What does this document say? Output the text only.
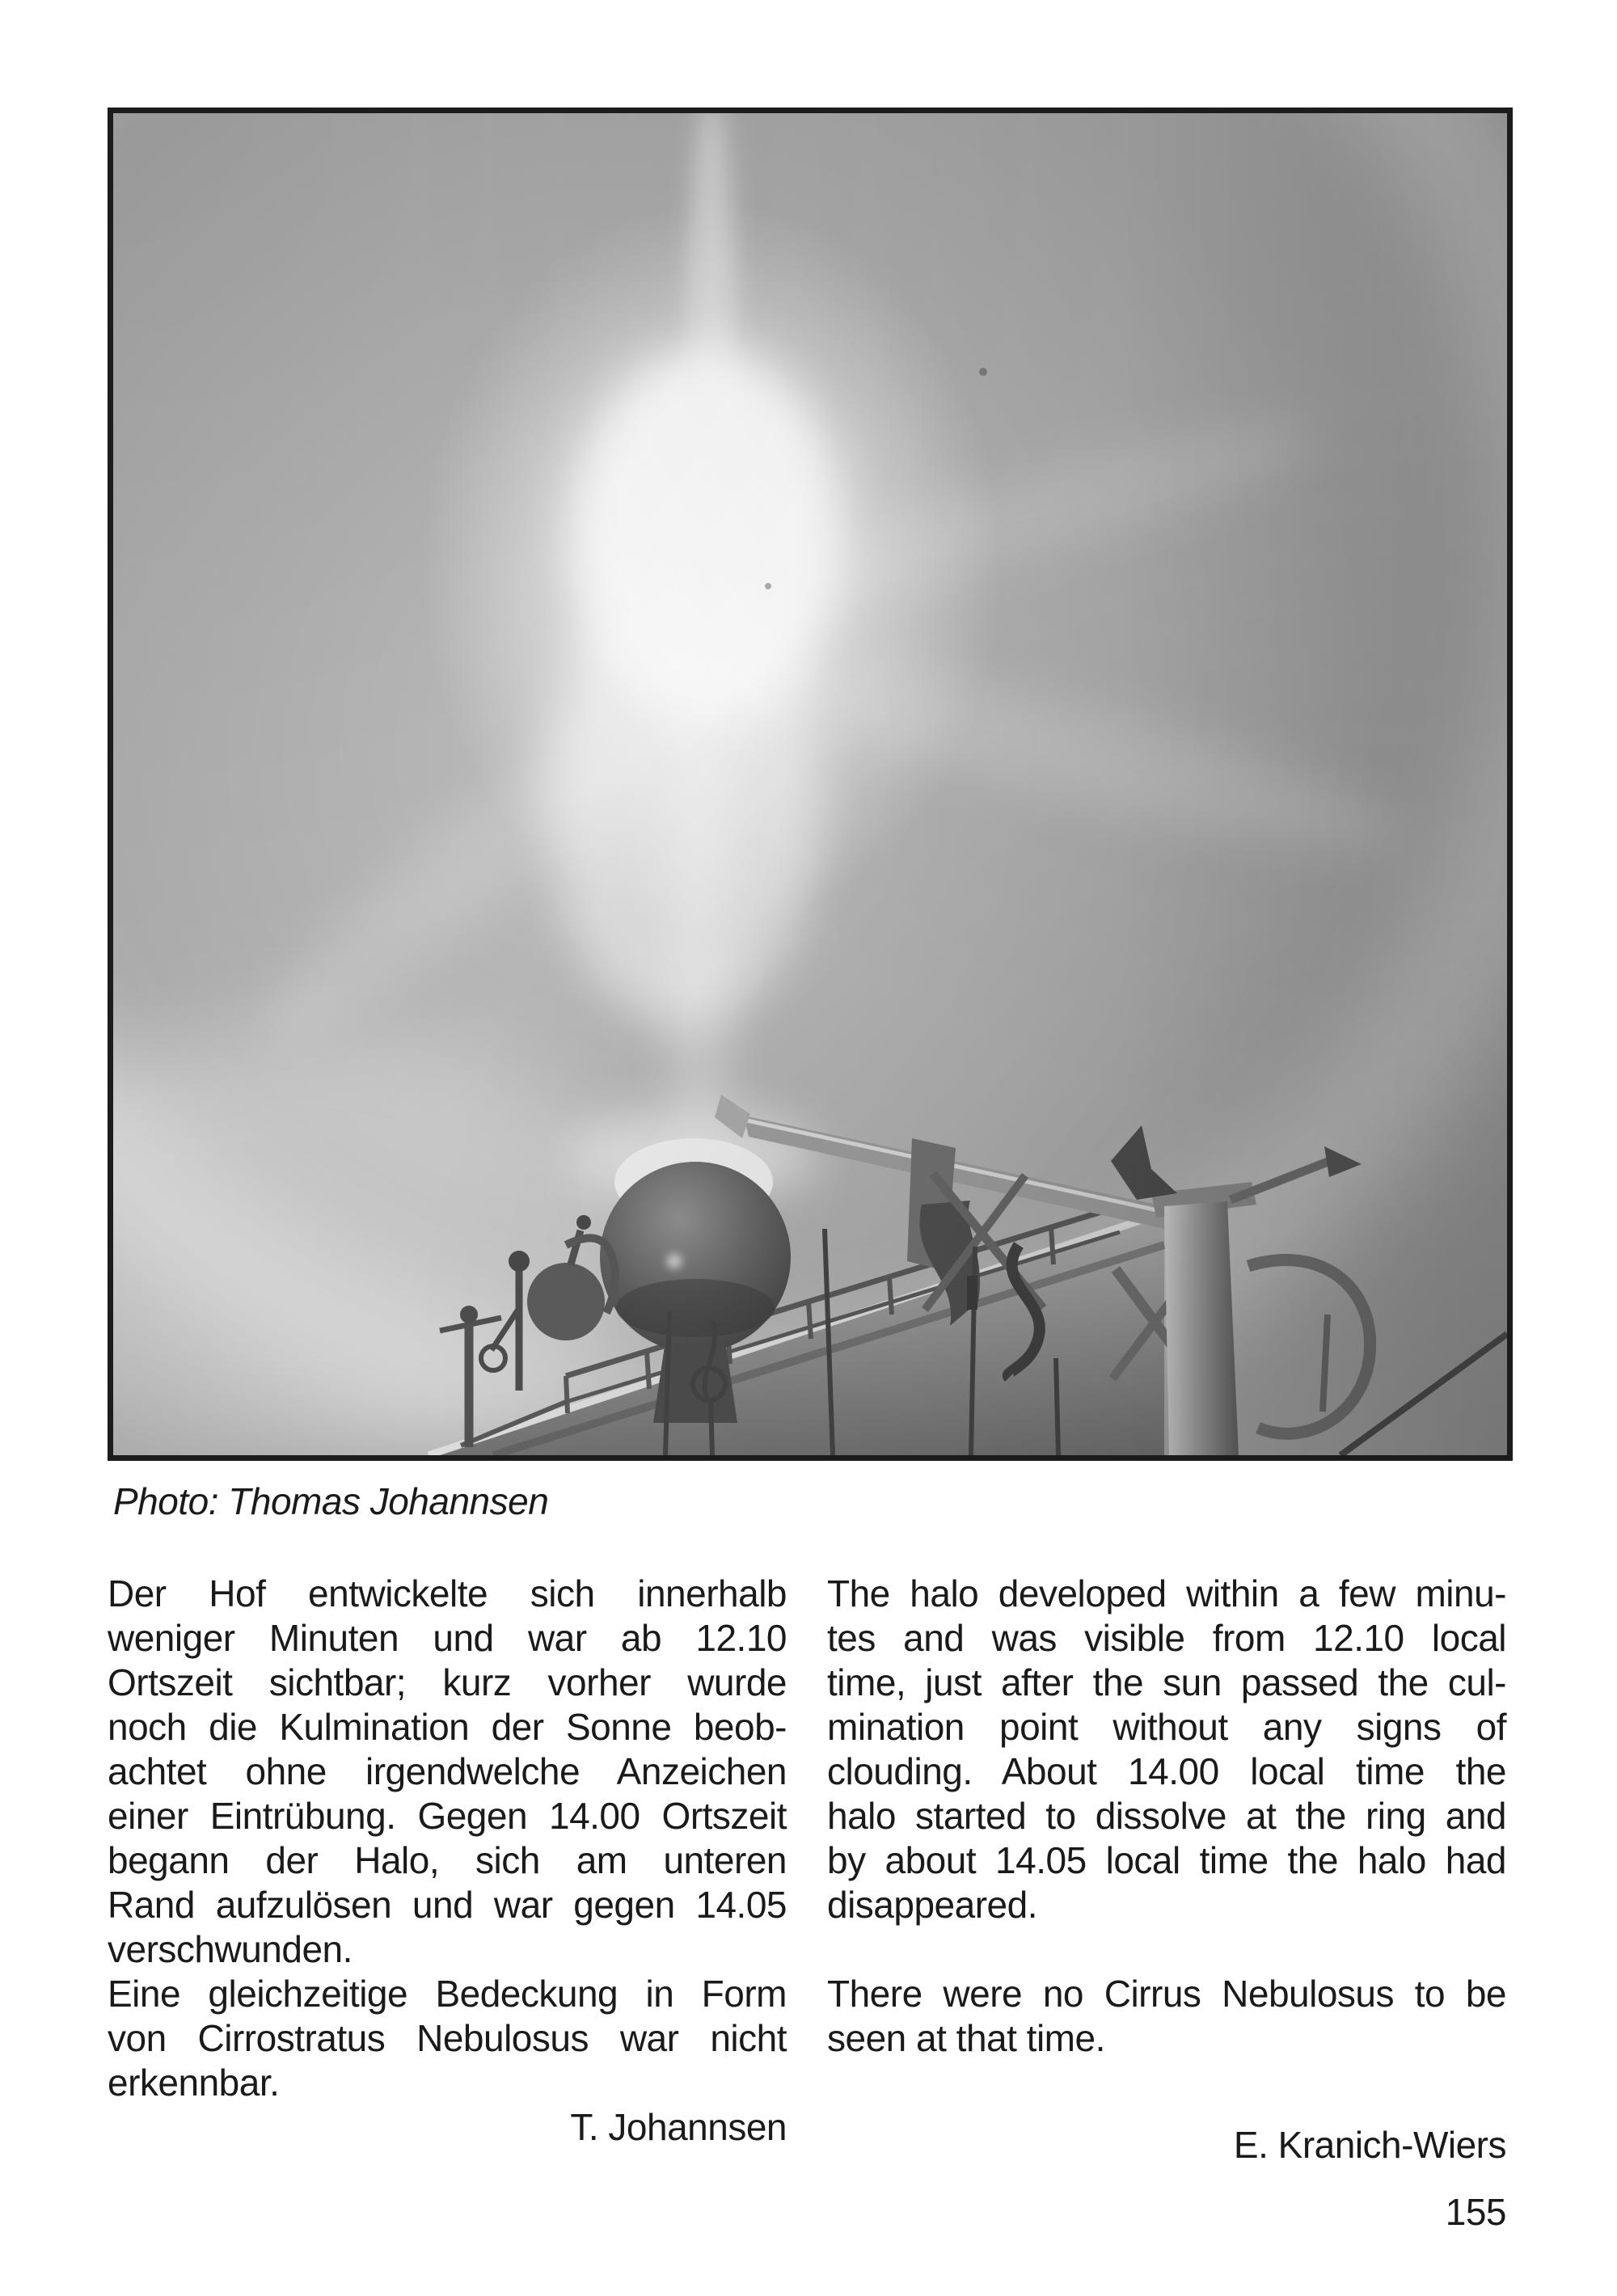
Photo: Thomas Johannsen
Der Hof entwickelte sich innerhalb
weniger Minuten und war ab 12.10
Ortszeit sichtbar; kurz vorher wurde
noch die Kulmination der Sonne beob-
achtet ohne irgendwelche Anzeichen
einer Eintrübung. Gegen 14.00 Ortszeit
begann der Halo, sich am unteren
Rand aufzulösen und war gegen 14.05
verschwunden.
Eine gleichzeitige Bedeckung in Form
von Cirrostratus Nebulosus war nicht
erkennbar.
T. Johannsen
The halo developed within a few minu-
tes and was visible from 12.10 local
time, just after the sun passed the cul-
mination point without any signs of
clouding. About 14.00 local time the
halo started to dissolve at the ring and
by about 14.05 local time the halo had
disappeared.
There were no Cirrus Nebulosus to be
seen at that time.
E. Kranich-Wiers
155
